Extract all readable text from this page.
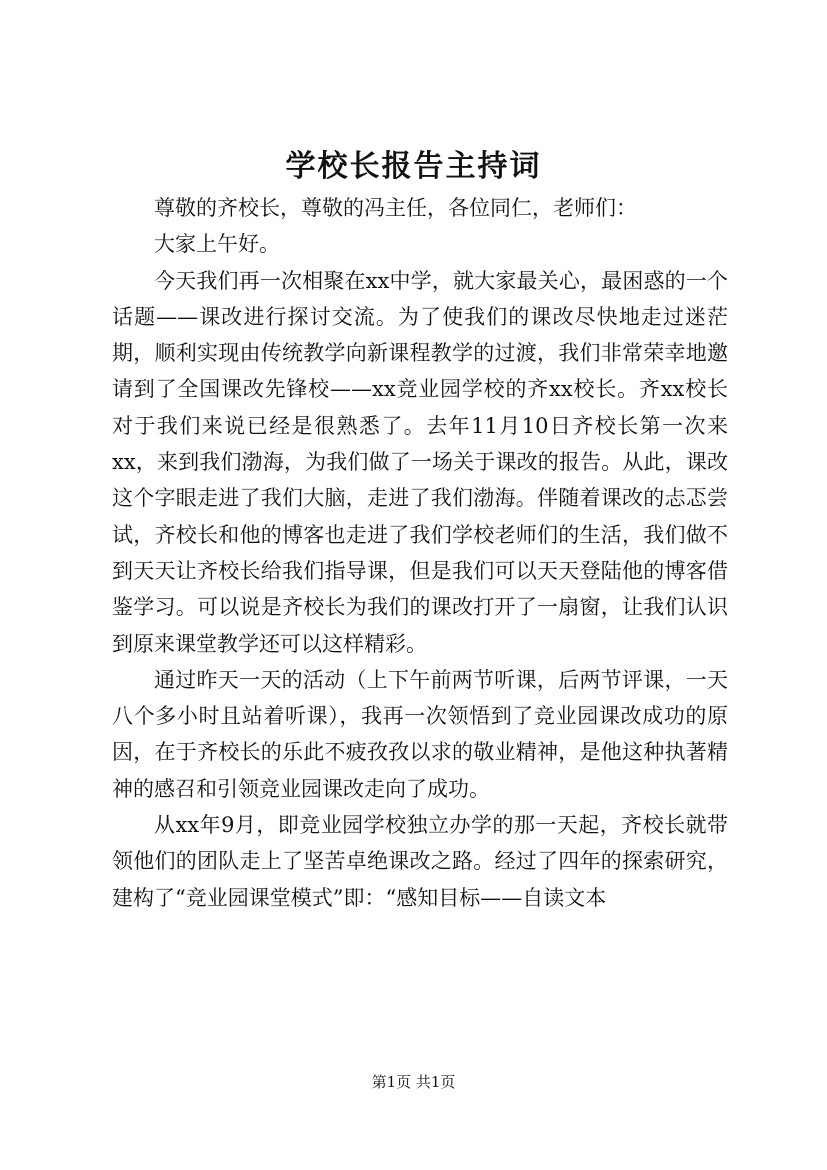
学校长报告主持词

尊敬的齐校长，尊敬的冯主任，各位同仁，老师们：

大家上午好。

今天我们再一次相聚在xx中学，就大家最关心，最困惑的一个话题——课改进行探讨交流。为了使我们的课改尽快地走过迷茫期，顺利实现由传统教学向新课程教学的过渡，我们非常荣幸地邀请到了全国课改先锋校——xx竞业园学校的齐xx校长。齐xx校长对于我们来说已经是很熟悉了。去年11月10日齐校长第一次来xx，来到我们渤海，为我们做了一场关于课改的报告。从此，课改这个字眼走进了我们大脑，走进了我们渤海。伴随着课改的忐忑尝试，齐校长和他的博客也走进了我们学校老师们的生活，我们做不到天天让齐校长给我们指导课，但是我们可以天天登陆他的博客借鉴学习。可以说是齐校长为我们的课改打开了一扇窗，让我们认识到原来课堂教学还可以这样精彩。

通过昨天一天的活动（上下午前两节听课，后两节评课，一天八个多小时且站着听课），我再一次领悟到了竞业园课改成功的原因，在于齐校长的乐此不疲孜孜以求的敬业精神，是他这种执著精神的感召和引领竞业园课改走向了成功。

从xx年9月，即竞业园学校独立办学的那一天起，齐校长就带领他们的团队走上了坚苦卓绝课改之路。经过了四年的探索研究，建构了“竞业园课堂模式”即：“感知目标——自读文本

第1页 共1页
